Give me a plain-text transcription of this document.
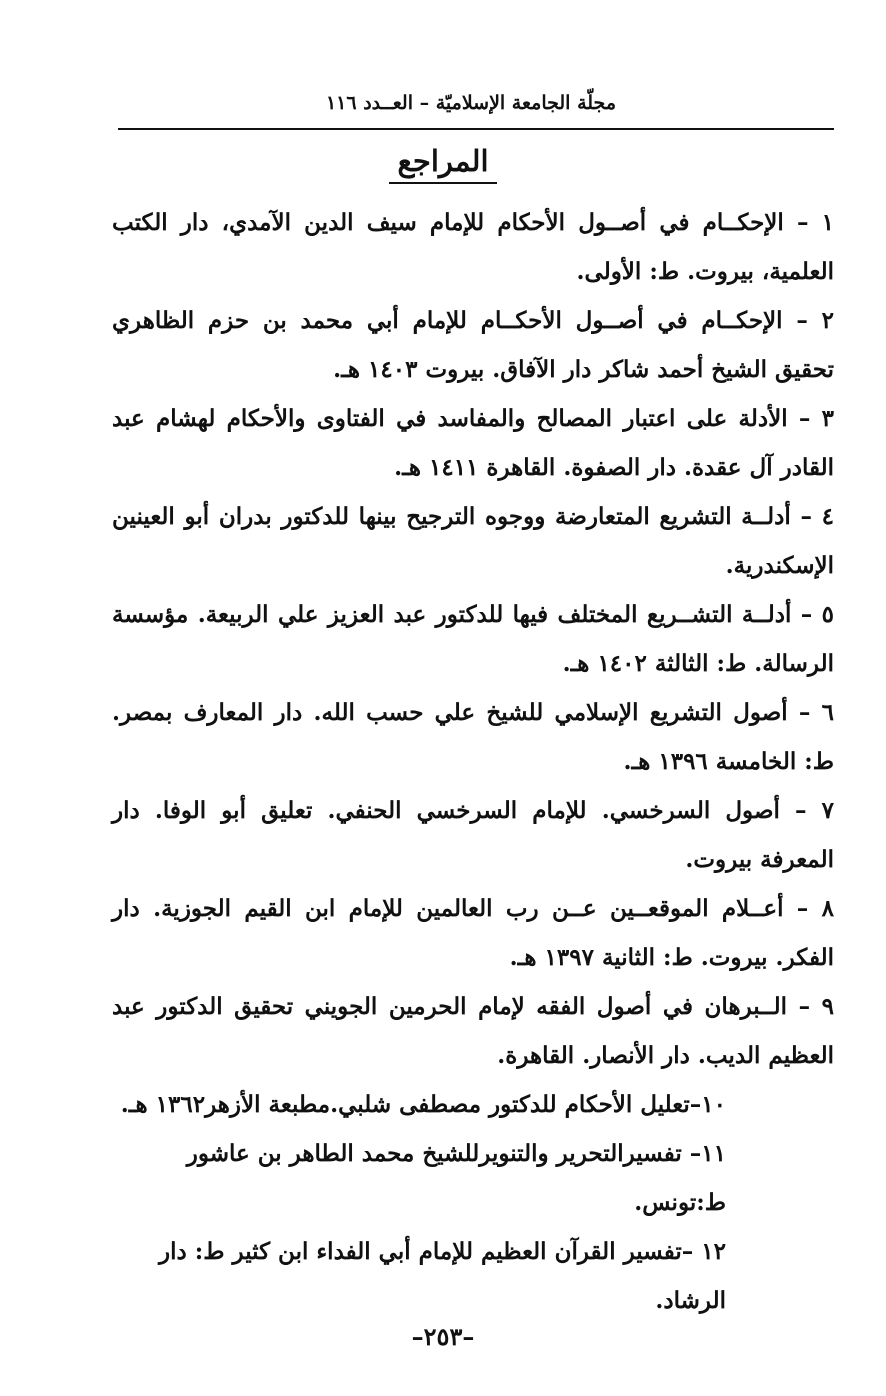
مجلّة الجامعة الإسلاميّة – العــدد ١١٦
المراجع
١ – الإحكــام في أصــول الأحكام للإمام سيف الدين الآمدي، دار الكتب العلمية، بيروت. ط: الأولى.
٢ – الإحكــام في أصــول الأحكــام للإمام أبي محمد بن حزم الظاهري تحقيق الشيخ أحمد شاكر دار الآفاق. بيروت ١٤٠٣ هـ.
٣ – الأدلة على اعتبار المصالح والمفاسد في الفتاوى والأحكام لهشام عبد القادر آل عقدة. دار الصفوة. القاهرة ١٤١١ هـ.
٤ – أدلــة التشريع المتعارضة ووجوه الترجيح بينها للدكتور بدران أبو العينين الإسكندرية.
٥ – أدلــة التشــريع المختلف فيها للدكتور عبد العزيز علي الربيعة. مؤسسة الرسالة. ط: الثالثة ١٤٠٢ هـ.
٦ – أصول التشريع الإسلامي للشيخ علي حسب الله. دار المعارف بمصر. ط: الخامسة ١٣٩٦ هـ.
٧ – أصول السرخسي. للإمام السرخسي الحنفي. تعليق أبو الوفا. دار المعرفة بيروت.
٨ – أعــلام الموقعــين عــن رب العالمين للإمام ابن القيم الجوزية. دار الفكر. بيروت. ط: الثانية ١٣٩٧ هـ.
٩ – الــبرهان في أصول الفقه لإمام الحرمين الجويني تحقيق الدكتور عبد العظيم الديب. دار الأنصار. القاهرة.
١٠–تعليل الأحكام للدكتور مصطفى شلبي.مطبعة الأزهر١٣٦٢ هـ.
١١– تفسيرالتحرير والتنويرللشيخ محمد الطاهر بن عاشور ط:تونس.
١٢ –تفسير القرآن العظيم للإمام أبي الفداء ابن كثير ط: دار الرشاد.
–٢٥٣–
